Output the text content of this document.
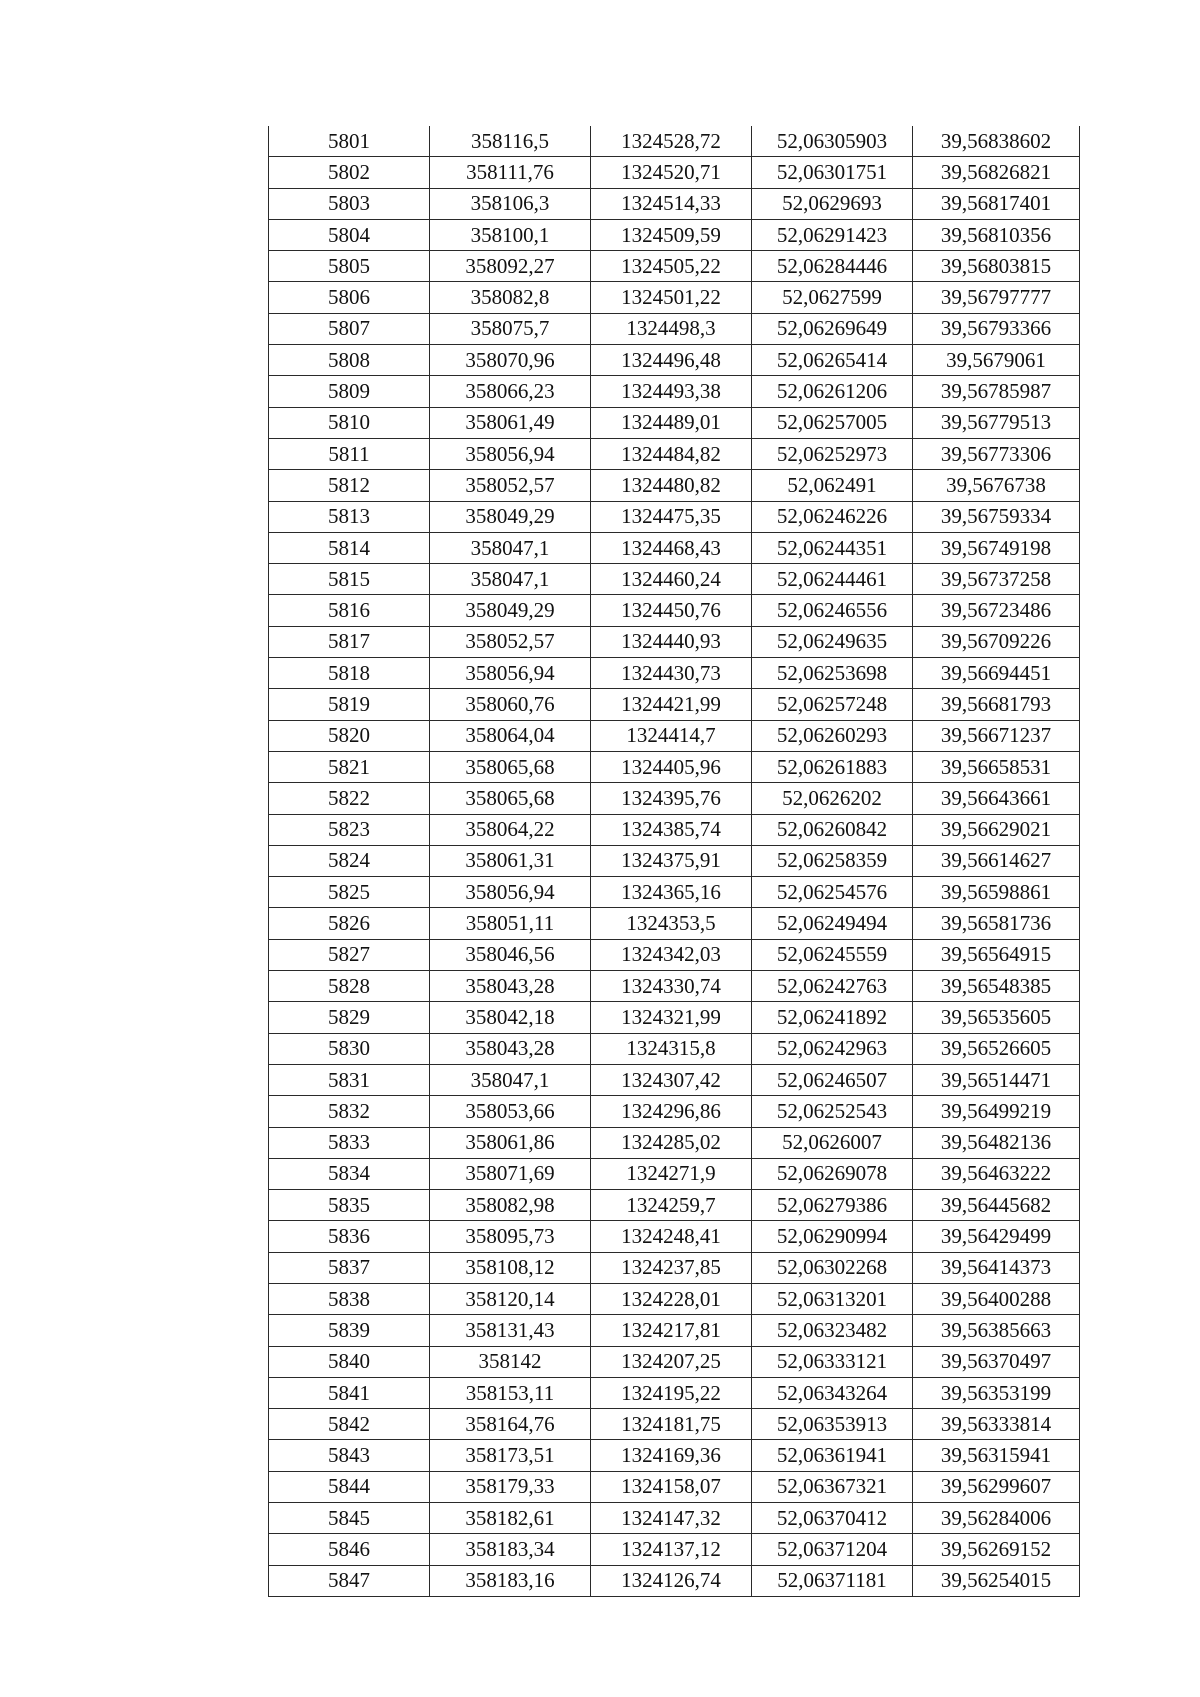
5801	358116,5	1324528,72	52,06305903	39,56838602
5802	358111,76	1324520,71	52,06301751	39,56826821
5803	358106,3	1324514,33	52,0629693	39,56817401
5804	358100,1	1324509,59	52,06291423	39,56810356
5805	358092,27	1324505,22	52,06284446	39,56803815
5806	358082,8	1324501,22	52,0627599	39,56797777
5807	358075,7	1324498,3	52,06269649	39,56793366
5808	358070,96	1324496,48	52,06265414	39,5679061
5809	358066,23	1324493,38	52,06261206	39,56785987
5810	358061,49	1324489,01	52,06257005	39,56779513
5811	358056,94	1324484,82	52,06252973	39,56773306
5812	358052,57	1324480,82	52,062491	39,5676738
5813	358049,29	1324475,35	52,06246226	39,56759334
5814	358047,1	1324468,43	52,06244351	39,56749198
5815	358047,1	1324460,24	52,06244461	39,56737258
5816	358049,29	1324450,76	52,06246556	39,56723486
5817	358052,57	1324440,93	52,06249635	39,56709226
5818	358056,94	1324430,73	52,06253698	39,56694451
5819	358060,76	1324421,99	52,06257248	39,56681793
5820	358064,04	1324414,7	52,06260293	39,56671237
5821	358065,68	1324405,96	52,06261883	39,56658531
5822	358065,68	1324395,76	52,0626202	39,56643661
5823	358064,22	1324385,74	52,06260842	39,56629021
5824	358061,31	1324375,91	52,06258359	39,56614627
5825	358056,94	1324365,16	52,06254576	39,56598861
5826	358051,11	1324353,5	52,06249494	39,56581736
5827	358046,56	1324342,03	52,06245559	39,56564915
5828	358043,28	1324330,74	52,06242763	39,56548385
5829	358042,18	1324321,99	52,06241892	39,56535605
5830	358043,28	1324315,8	52,06242963	39,56526605
5831	358047,1	1324307,42	52,06246507	39,56514471
5832	358053,66	1324296,86	52,06252543	39,56499219
5833	358061,86	1324285,02	52,0626007	39,56482136
5834	358071,69	1324271,9	52,06269078	39,56463222
5835	358082,98	1324259,7	52,06279386	39,56445682
5836	358095,73	1324248,41	52,06290994	39,56429499
5837	358108,12	1324237,85	52,06302268	39,56414373
5838	358120,14	1324228,01	52,06313201	39,56400288
5839	358131,43	1324217,81	52,06323482	39,56385663
5840	358142	1324207,25	52,06333121	39,56370497
5841	358153,11	1324195,22	52,06343264	39,56353199
5842	358164,76	1324181,75	52,06353913	39,56333814
5843	358173,51	1324169,36	52,06361941	39,56315941
5844	358179,33	1324158,07	52,06367321	39,56299607
5845	358182,61	1324147,32	52,06370412	39,56284006
5846	358183,34	1324137,12	52,06371204	39,56269152
5847	358183,16	1324126,74	52,06371181	39,56254015
